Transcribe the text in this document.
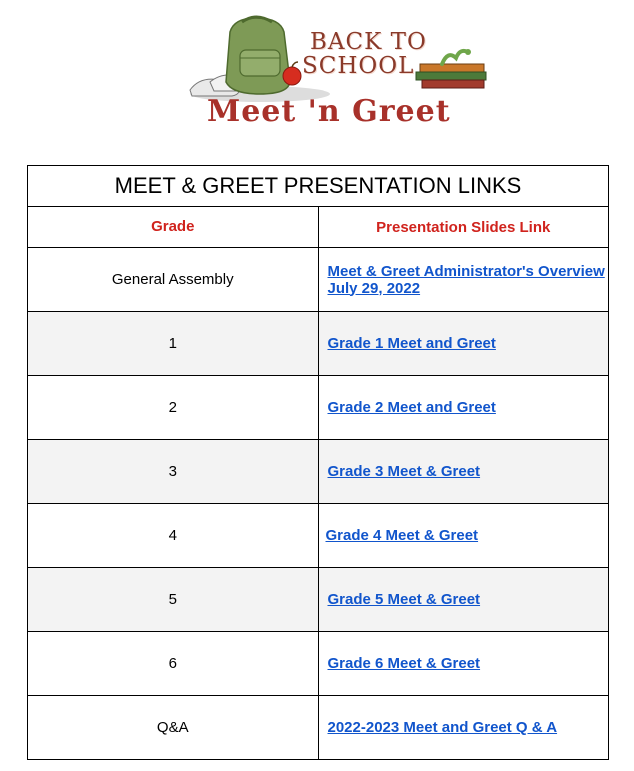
BACK TO
SCHOOL
Meet 'n Greet
MEET & GREET PRESENTATION LINKS	
Grade	Presentation Slides Link
General Assembly	Meet & Greet Administrator's Overview July 29, 2022
1	Grade 1 Meet and Greet
2	Grade 2 Meet and Greet
3	Grade 3 Meet & Greet
4	Grade 4 Meet & Greet
5	Grade 5 Meet & Greet
6	Grade 6 Meet & Greet
Q&A	2022-2023 Meet and Greet Q & A
